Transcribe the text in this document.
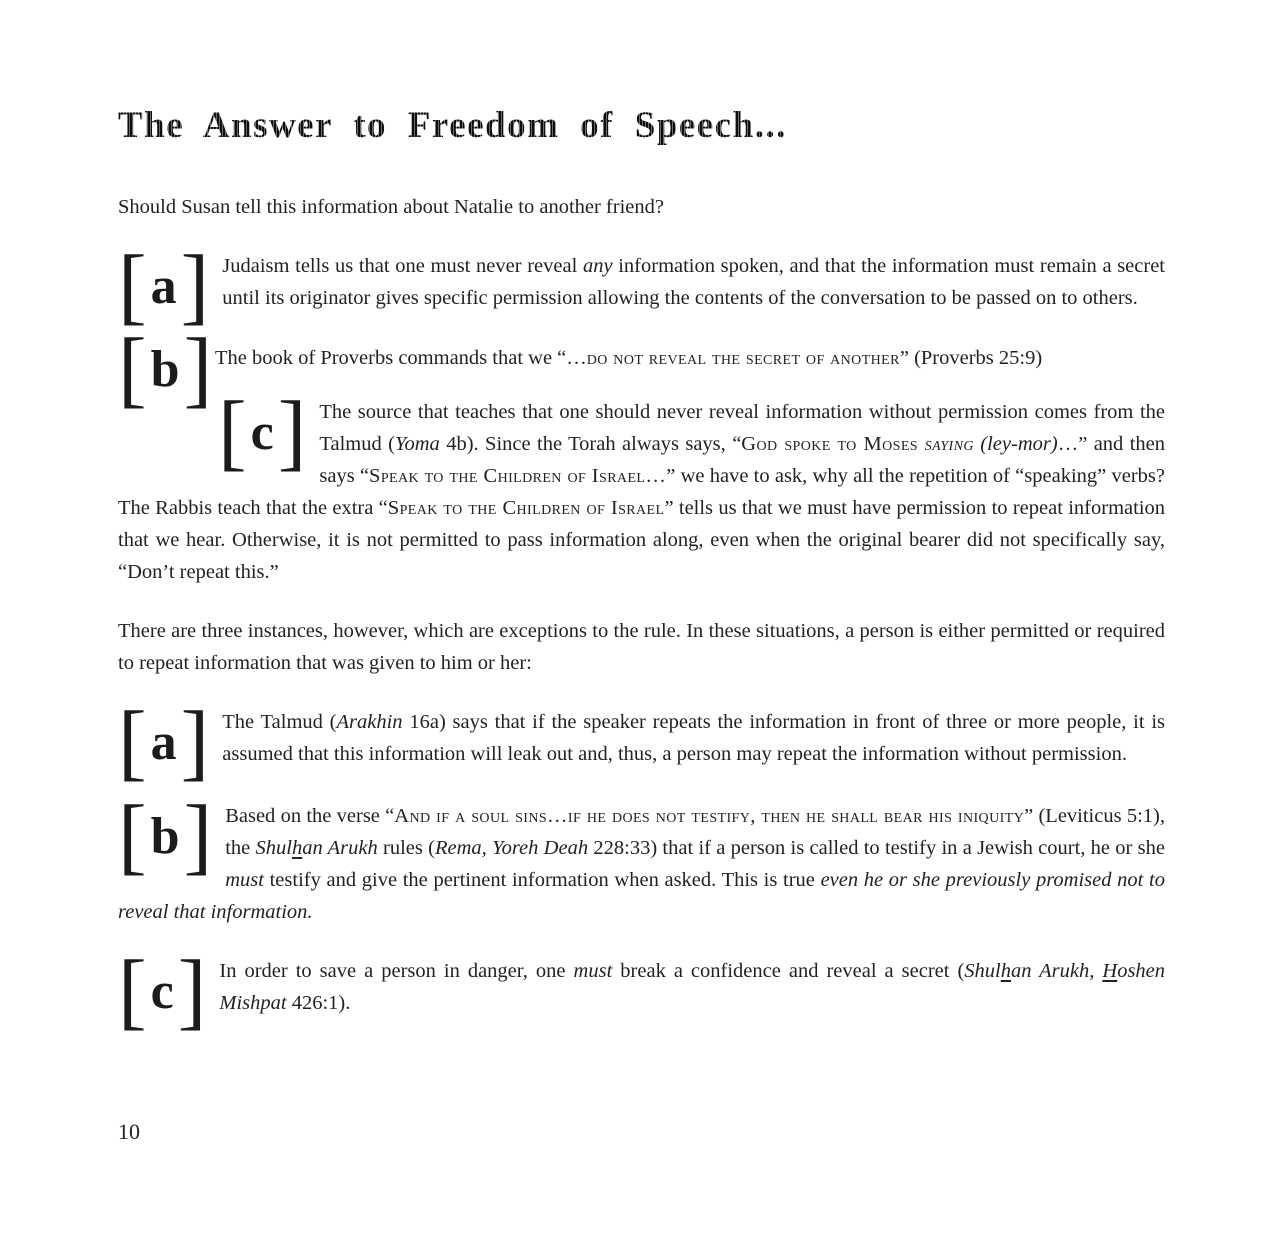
The Answer to Freedom of Speech...
Should Susan tell this information about Natalie to another friend?
[ a ] Judaism tells us that one must never reveal any information spoken, and that the information must remain a secret until its originator gives specific permission allowing the contents of the conversation to be passed on to others.
[ b ] The book of Proverbs commands that we “…do not reveal the secret of another” (Proverbs 25:9)
[ c ] The source that teaches that one should never reveal information without permission comes from the Talmud (Yoma 4b). Since the Torah always says, “God spoke to Moses saying (ley-mor)…” and then says “Speak to the Children of Israel…” we have to ask, why all the repetition of “speaking” verbs? The Rabbis teach that the extra “Speak to the Children of Israel” tells us that we must have permission to repeat information that we hear. Otherwise, it is not permitted to pass information along, even when the original bearer did not specifically say, “Don’t repeat this.”
There are three instances, however, which are exceptions to the rule. In these situations, a person is either permitted or required to repeat information that was given to him or her:
[ a ] The Talmud (Arakhin 16a) says that if the speaker repeats the information in front of three or more people, it is assumed that this information will leak out and, thus, a person may repeat the information without permission.
[ b ] Based on the verse “And if a soul sins…if he does not testify, then he shall bear his iniquity” (Leviticus 5:1), the Shulhan Arukh rules (Rema, Yoreh Deah 228:33) that if a person is called to testify in a Jewish court, he or she must testify and give the pertinent information when asked. This is true even he or she previously promised not to reveal that information.
[ c ] In order to save a person in danger, one must break a confidence and reveal a secret (Shulhan Arukh, Hoshen Mishpat 426:1).
10
